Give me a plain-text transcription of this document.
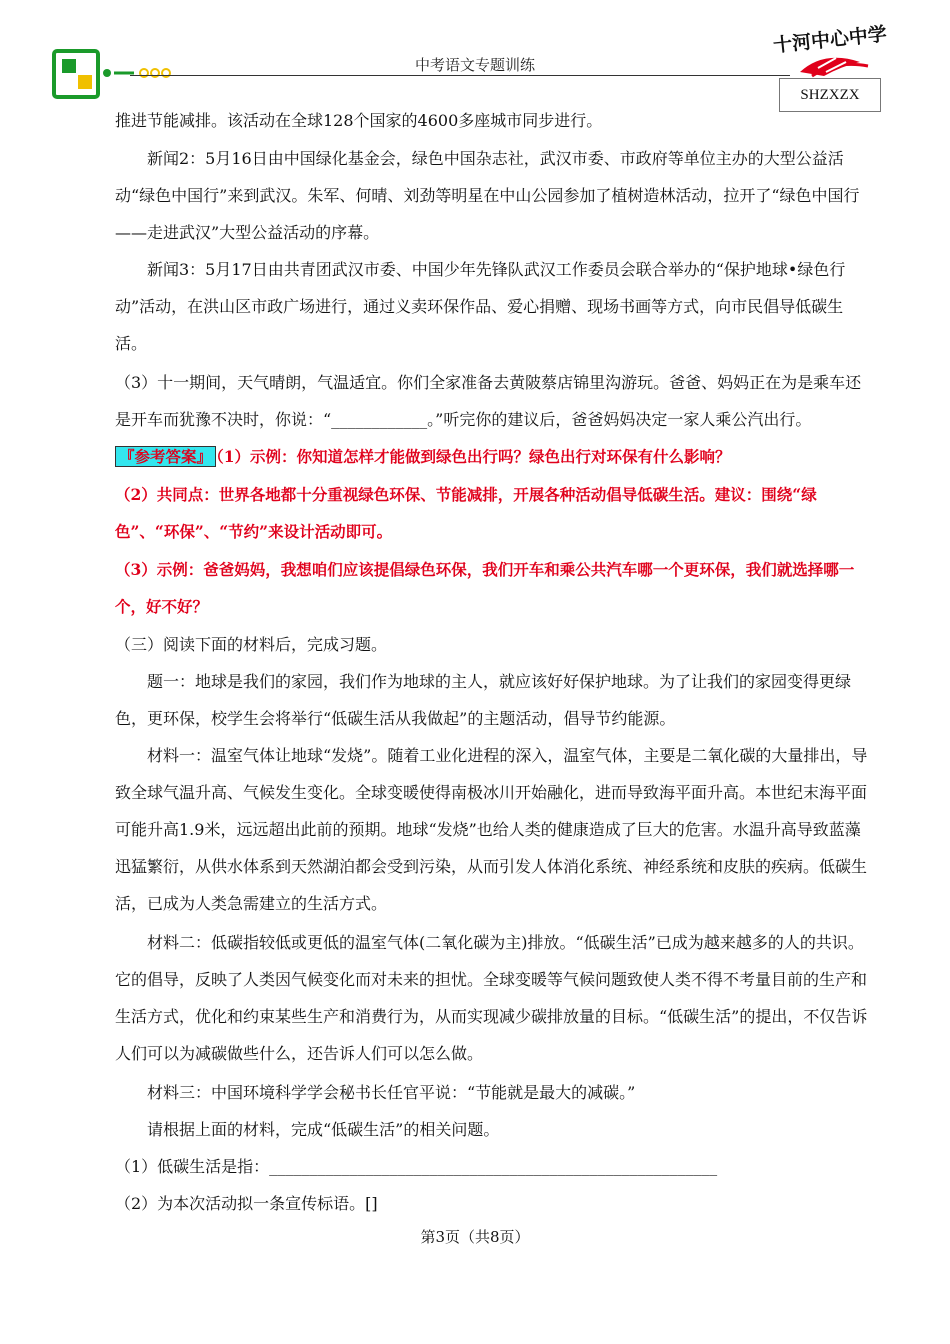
中考语文专题训练
十河中心中学
SHZXZX

推进节能减排。该活动在全球128个国家的4600多座城市同步进行。

　　新闻2：5月16日由中国绿化基金会，绿色中国杂志社，武汉市委、市政府等单位主办的大型公益活动“绿色中国行”来到武汉。朱军、何晴、刘劲等明星在中山公园参加了植树造林活动，拉开了“绿色中国行——走进武汉”大型公益活动的序幕。

　　新闻3：5月17日由共青团武汉市委、中国少年先锋队武汉工作委员会联合举办的“保护地球•绿色行动”活动，在洪山区市政广场进行，通过义卖环保作品、爱心捐赠、现场书画等方式，向市民倡导低碳生活。

（3）十一期间，天气晴朗，气温适宜。你们全家准备去黄陂蔡店锦里沟游玩。爸爸、妈妈正在为是乘车还是开车而犹豫不决时，你说：“____________。”听完你的建议后，爸爸妈妈决定一家人乘公汽出行。

『参考答案』 （1）示例：你知道怎样才能做到绿色出行吗？绿色出行对环保有什么影响？

（2）共同点：世界各地都十分重视绿色环保、节能减排，开展各种活动倡导低碳生活。建议：围绕“绿色”、“环保”、“节约”来设计活动即可。

（3）示例：爸爸妈妈，我想咱们应该提倡绿色环保，我们开车和乘公共汽车哪一个更环保，我们就选择哪一个，好不好？

（三）阅读下面的材料后，完成习题。

　　题一：地球是我们的家园，我们作为地球的主人，就应该好好保护地球。为了让我们的家园变得更绿色，更环保，校学生会将举行“低碳生活从我做起”的主题活动，倡导节约能源。

　　材料一：温室气体让地球“发烧”。随着工业化进程的深入，温室气体，主要是二氧化碳的大量排出，导致全球气温升高、气候发生变化。全球变暖使得南极冰川开始融化，进而导致海平面升高。本世纪末海平面可能升高1.9米，远远超出此前的预期。地球“发烧”也给人类的健康造成了巨大的危害。水温升高导致蓝藻迅猛繁衍，从供水体系到天然湖泊都会受到污染，从而引发人体消化系统、神经系统和皮肤的疾病。低碳生活，已成为人类急需建立的生活方式。

　　材料二：低碳指较低或更低的温室气体(二氧化碳为主)排放。“低碳生活”已成为越来越多的人的共识。它的倡导，反映了人类因气候变化而对未来的担忧。全球变暖等气候问题致使人类不得不考量目前的生产和生活方式，优化和约束某些生产和消费行为，从而实现减少碳排放量的目标。“低碳生活”的提出，不仅告诉人们可以为减碳做些什么，还告诉人们可以怎么做。

　　材料三：中国环境科学学会秘书长任官平说：“节能就是最大的减碳。”

　　请根据上面的材料，完成“低碳生活”的相关问题。

（1）低碳生活是指：________________________________________________________

（2）为本次活动拟一条宣传标语。[]

第3页（共8页）
